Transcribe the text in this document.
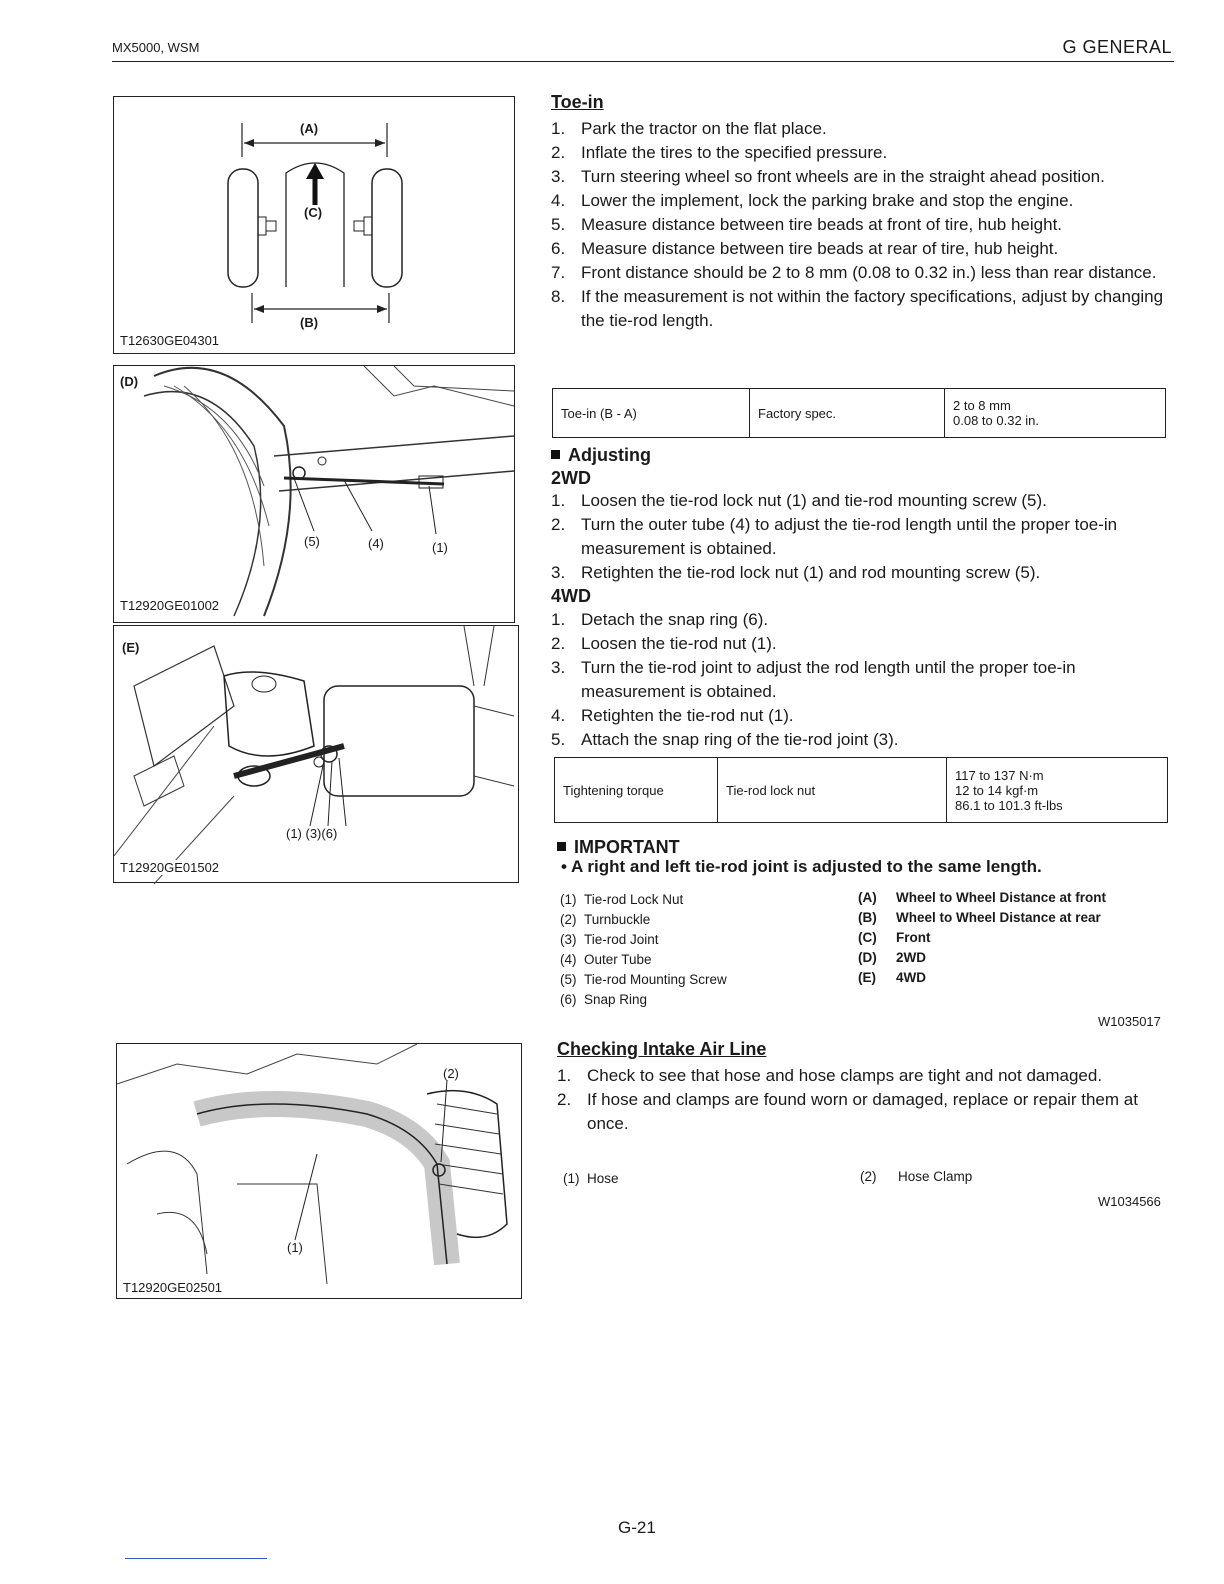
MX5000, WSM	G GENERAL
(A)
(C)
(B)
T12630GE04301
(D)
(5)	(4)	(1)
T12920GE01002
(E)
(1) (3)(6)
T12920GE01502
(2)
(1)
T12920GE02501
Toe-in
1. Park the tractor on the flat place.
2. Inflate the tires to the specified pressure.
3. Turn steering wheel so front wheels are in the straight ahead position.
4. Lower the implement, lock the parking brake and stop the engine.
5. Measure distance between tire beads at front of tire, hub height.
6. Measure distance between tire beads at rear of tire, hub height.
7. Front distance should be 2 to 8 mm (0.08 to 0.32 in.) less than rear distance.
8. If the measurement is not within the factory specifications, adjust by changing the tie-rod length.
Toe-in (B - A)	Factory spec.	2 to 8 mm
0.08 to 0.32 in.
Adjusting
2WD
1. Loosen the tie-rod lock nut (1) and tie-rod mounting screw (5).
2. Turn the outer tube (4) to adjust the tie-rod length until the proper toe-in measurement is obtained.
3. Retighten the tie-rod lock nut (1) and rod mounting screw (5).
4WD
1. Detach the snap ring (6).
2. Loosen the tie-rod nut (1).
3. Turn the tie-rod joint to adjust the rod length until the proper toe-in measurement is obtained.
4. Retighten the tie-rod nut (1).
5. Attach the snap ring of the tie-rod joint (3).
Tightening torque	Tie-rod lock nut	
117 to 137 N·m
12 to 14 kgf·m
86.1 to 101.3 ft-lbs
IMPORTANT
• A right and left tie-rod joint is adjusted to the same length.
(1) Tie-rod Lock Nut
(2) Turnbuckle
(3) Tie-rod Joint
(4) Outer Tube
(5) Tie-rod Mounting Screw
(6) Snap Ring
(A) Wheel to Wheel Distance at front
(B) Wheel to Wheel Distance at rear
(C) Front
(D) 2WD
(E) 4WD
W1035017
Checking Intake Air Line
1. Check to see that hose and hose clamps are tight and not damaged.
2. If hose and clamps are found worn or damaged, replace or repair them at once.
(1) Hose	(2) Hose Clamp
W1034566
G-21
